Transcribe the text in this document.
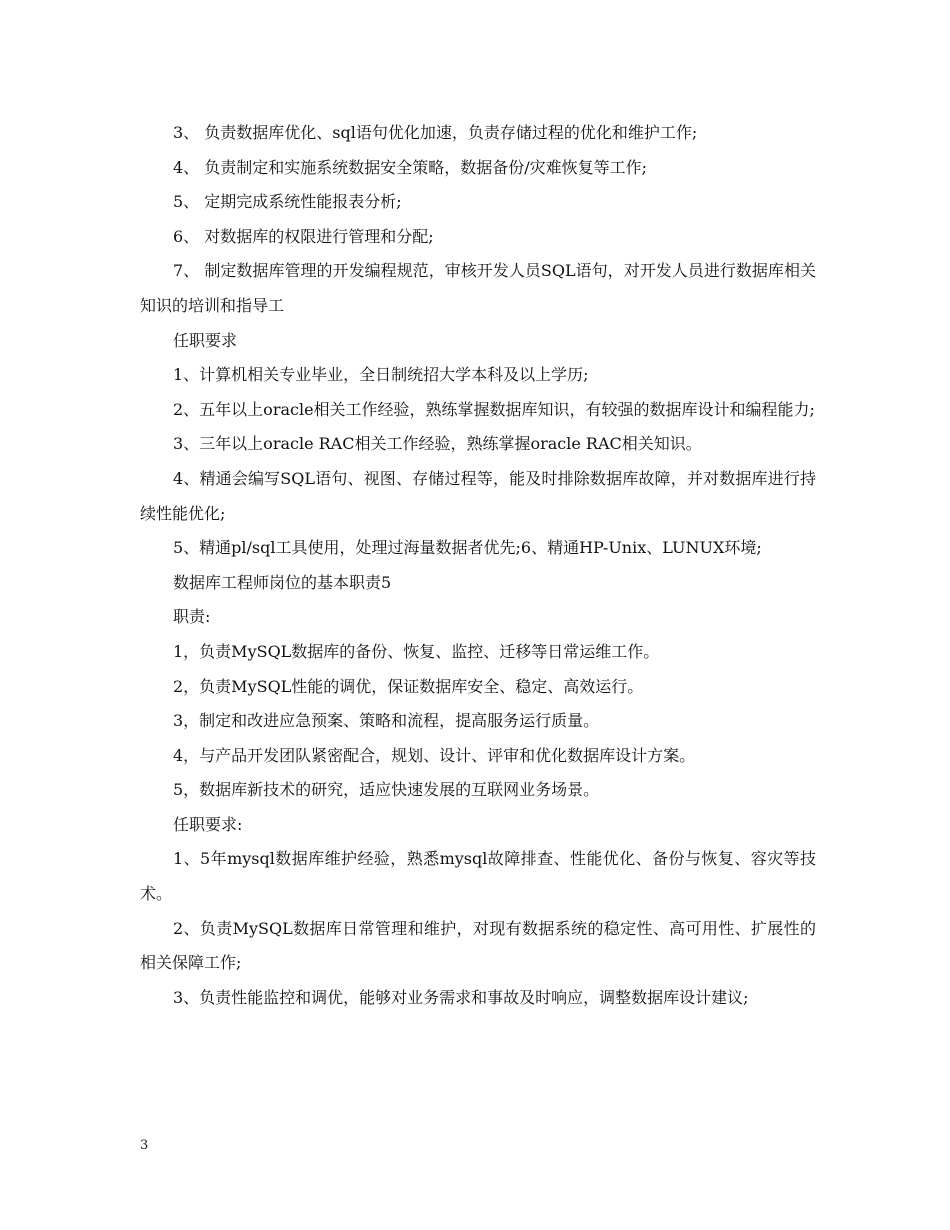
3、 负责数据库优化、sql语句优化加速，负责存储过程的优化和维护工作;

4、 负责制定和实施系统数据安全策略，数据备份/灾难恢复等工作;

5、 定期完成系统性能报表分析;

6、 对数据库的权限进行管理和分配;

7、 制定数据库管理的开发编程规范，审核开发人员SQL语句，对开发人员进行数据库相关知识的培训和指导工

任职要求

1、计算机相关专业毕业，全日制统招大学本科及以上学历;

2、五年以上oracle相关工作经验，熟练掌握数据库知识，有较强的数据库设计和编程能力;

3、三年以上oracle RAC相关工作经验，熟练掌握oracle RAC相关知识。

4、精通会编写SQL语句、视图、存储过程等，能及时排除数据库故障，并对数据库进行持续性能优化;

5、精通pl/sql工具使用，处理过海量数据者优先;6、精通HP-Unix、LUNUX环境;

数据库工程师岗位的基本职责5

职责:

1，负责MySQL数据库的备份、恢复、监控、迁移等日常运维工作。

2，负责MySQL性能的调优，保证数据库安全、稳定、高效运行。

3，制定和改进应急预案、策略和流程，提高服务运行质量。

4，与产品开发团队紧密配合，规划、设计、评审和优化数据库设计方案。

5，数据库新技术的研究，适应快速发展的互联网业务场景。

任职要求:

1、5年mysql数据库维护经验，熟悉mysql故障排查、性能优化、备份与恢复、容灾等技术。

2、负责MySQL数据库日常管理和维护，对现有数据系统的稳定性、高可用性、扩展性的相关保障工作;

3、负责性能监控和调优，能够对业务需求和事故及时响应，调整数据库设计建议;

3
